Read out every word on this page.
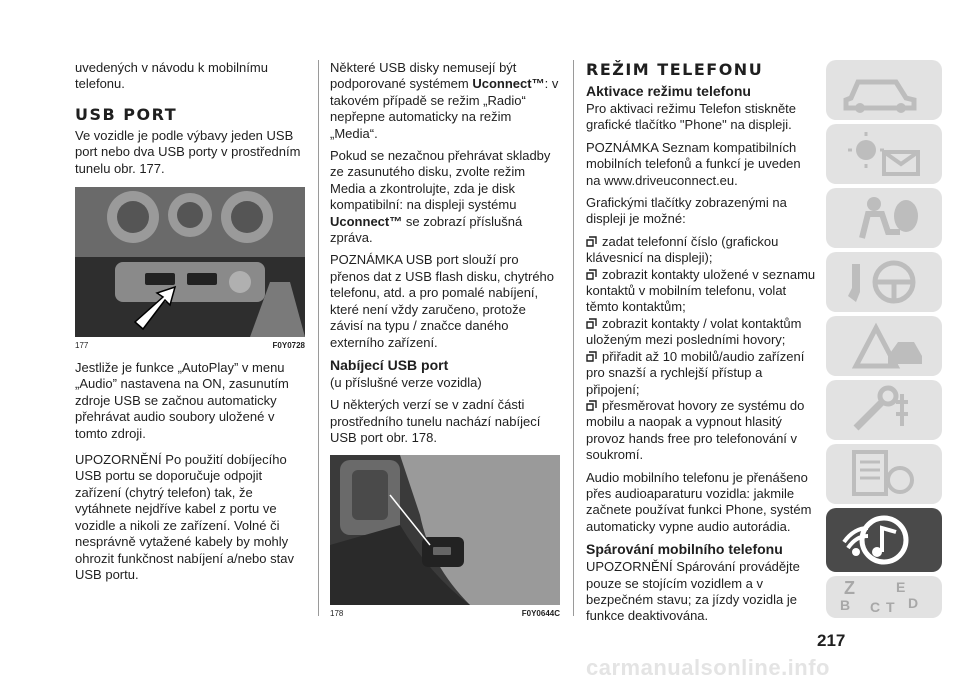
uvedených v návodu k mobilnímu telefonu.

USB PORT

Ve vozidle je podle výbavy jeden USB port nebo dva USB porty v prostředním tunelu obr. 177.

177	F0Y0728

Jestliže je funkce „AutoPlay” v menu „Audio” nastavena na ON, zasunutím zdroje USB se začnou automaticky přehrávat audio soubory uložené v tomto zdroji.

UPOZORNĚNÍ Po použití dobíjecího USB portu se doporučuje odpojit zařízení (chytrý telefon) tak, že vytáhnete nejdříve kabel z portu ve vozidle a nikoli ze zařízení. Volné či nesprávně vytažené kabely by mohly ohrozit funkčnost nabíjení a/nebo stav USB portu.

Některé USB disky nemusejí být podporované systémem Uconnect™: v takovém případě se režim „Radio“ nepřepne automaticky na režim „Media“.

Pokud se nezačnou přehrávat skladby ze zasunutého disku, zvolte režim Media a zkontrolujte, zda je disk kompatibilní: na displeji systému Uconnect™ se zobrazí příslušná zpráva.

POZNÁMKA USB port slouží pro přenos dat z USB flash disku, chytrého telefonu, atd. a pro pomalé nabíjení, které není vždy zaručeno, protože závisí na typu / značce daného externího zařízení.

Nabíjecí USB port

(u příslušné verze vozidla)

U některých verzí se v zadní části prostředního tunelu nachází nabíjecí USB port obr. 178.

178	F0Y0644C
REŽIM TELEFONU
Aktivace režimu telefonu

Pro aktivaci režimu Telefon stiskněte grafické tlačítko "Phone" na displeji.

POZNÁMKA Seznam kompatibilních mobilních telefonů a funkcí je uveden na www.driveuconnect.eu.

Grafickými tlačítky zobrazenými na displeji je možné:

zadat telefonní číslo (grafickou klávesnicí na displeji);

zobrazit kontakty uložené v seznamu kontaktů v mobilním telefonu, volat těmto kontaktům;

zobrazit kontakty / volat kontaktům uloženým mezi posledními hovory;

přiřadit až 10 mobilů/audio zařízení pro snazší a rychlejší přístup a připojení;

přesměrovat hovory ze systému do mobilu a naopak a vypnout hlasitý provoz hands free pro telefonování v soukromí.

Audio mobilního telefonu je přenášeno přes audioaparaturu vozidla: jakmile začnete používat funkci Phone, systém automaticky vypne audio autorádia.

Spárování mobilního telefonu

UPOZORNĚNÍ Spárování provádějte pouze se stojícím vozidlem a v bezpečném stavu; za jízdy vozidla je funkce deaktivována.

Z	E
B C T D
217
carmanualsonline.info
